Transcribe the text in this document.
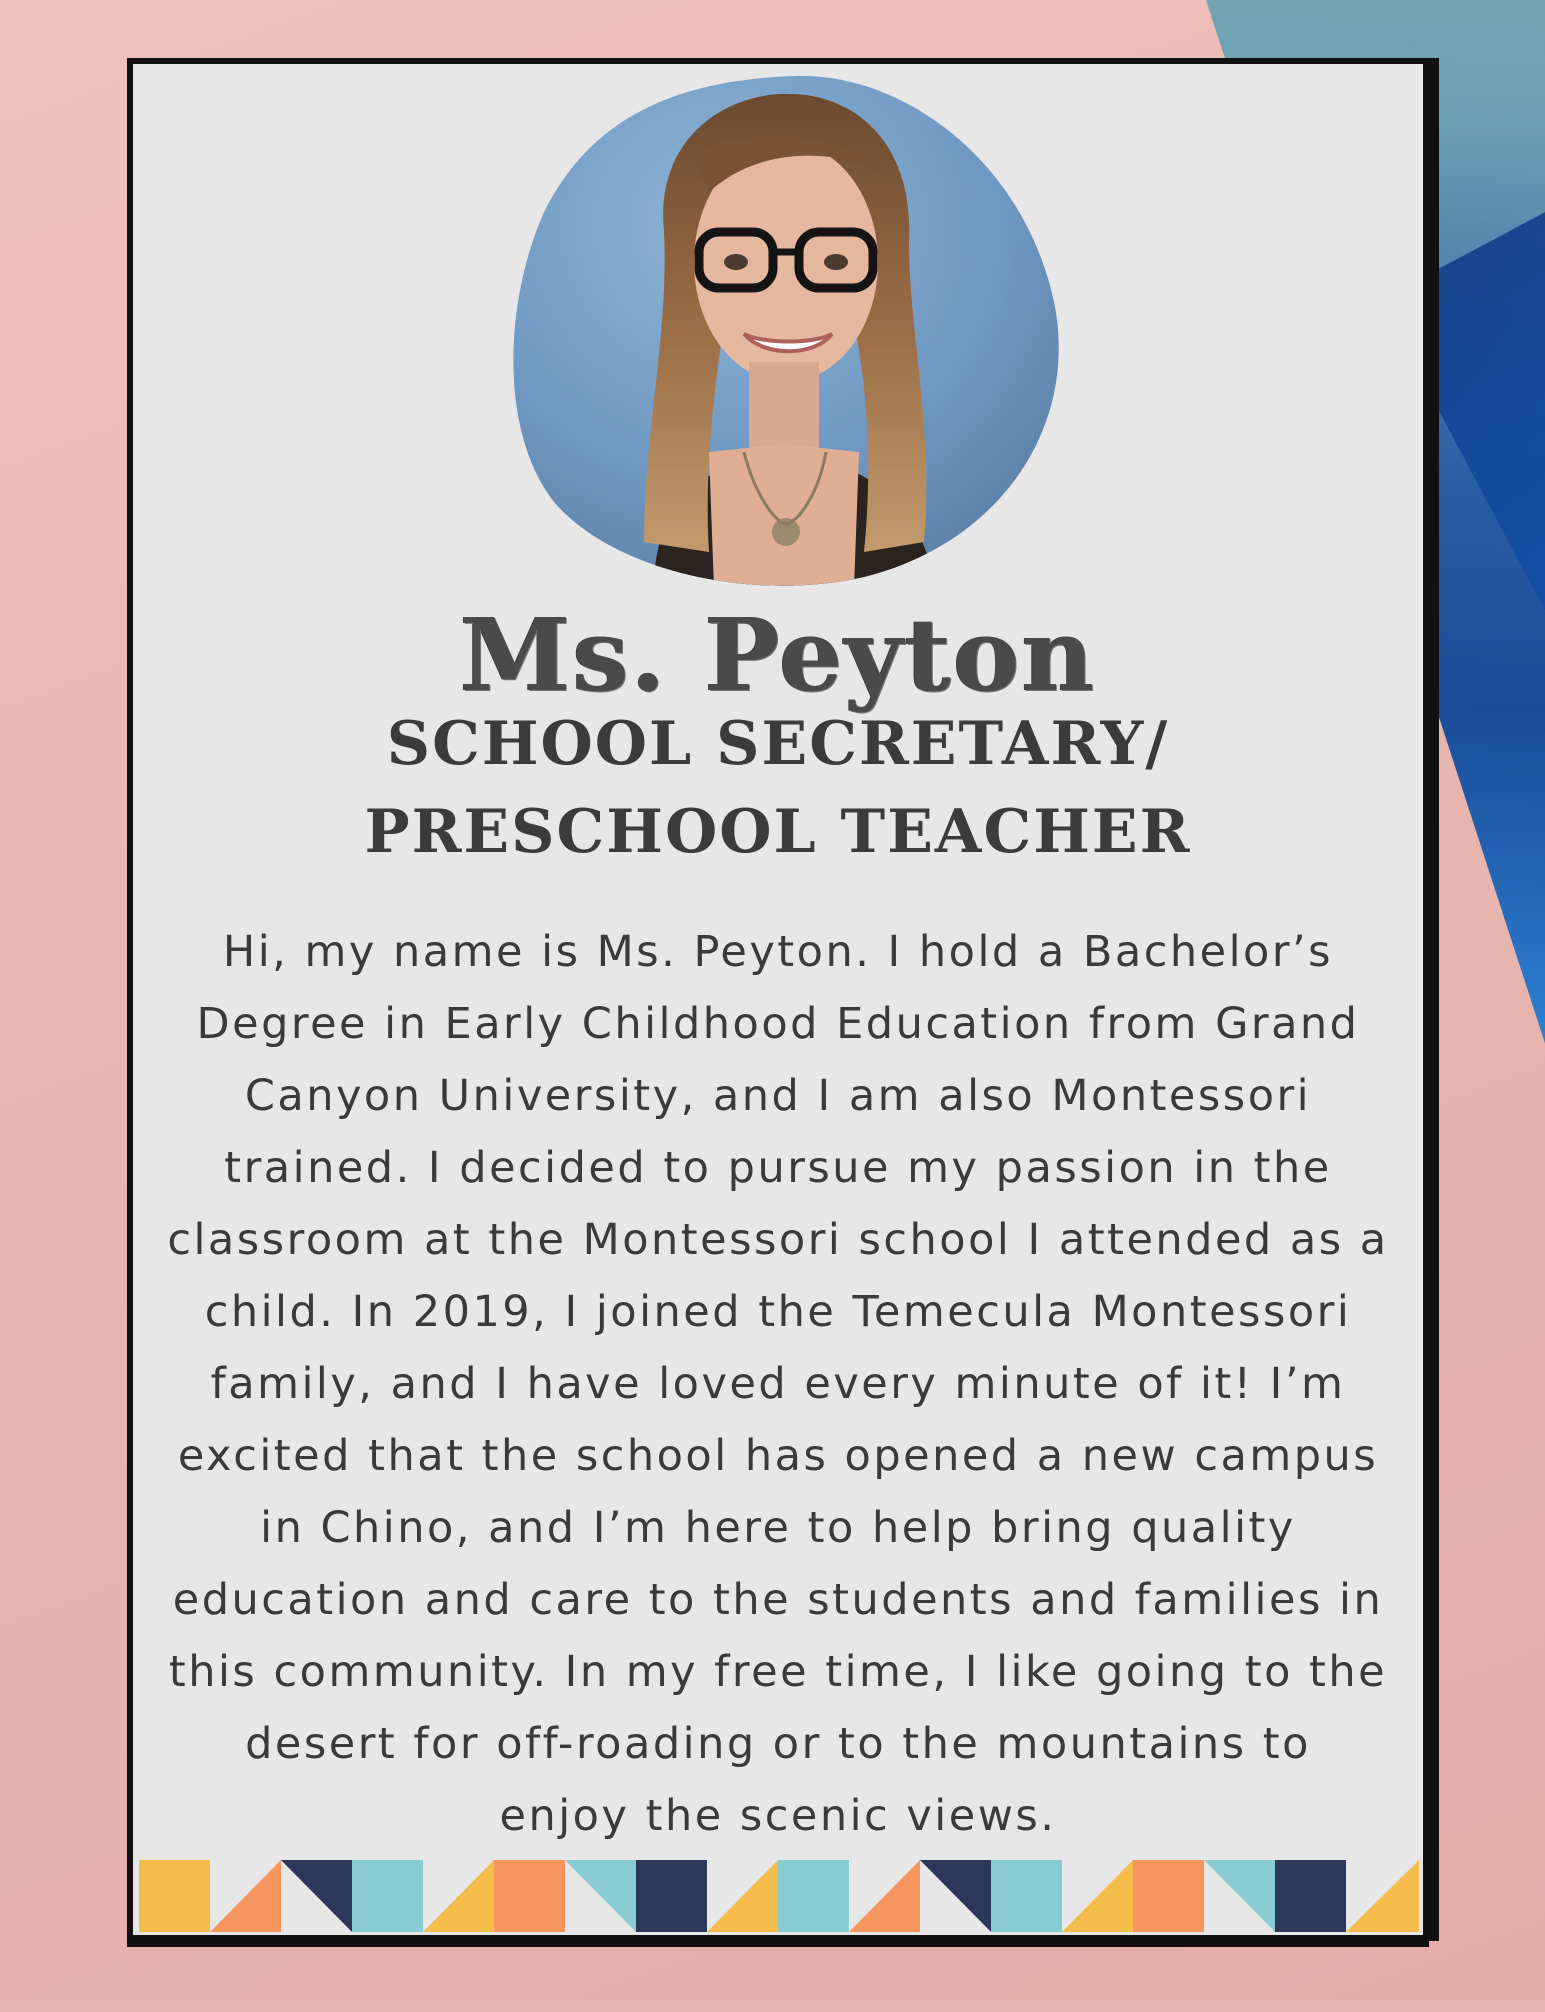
Ms. Peyton
SCHOOL SECRETARY/
PRESCHOOL TEACHER
Hi, my name is Ms. Peyton. I hold a Bachelor’s
Degree in Early Childhood Education from Grand
Canyon University, and I am also Montessori
trained. I decided to pursue my passion in the
classroom at the Montessori school I attended as a
child. In 2019, I joined the Temecula Montessori
family, and I have loved every minute of it! I’m
excited that the school has opened a new campus
in Chino, and I’m here to help bring quality
education and care to the students and families in
this community. In my free time, I like going to the
desert for off-roading or to the mountains to
enjoy the scenic views.
